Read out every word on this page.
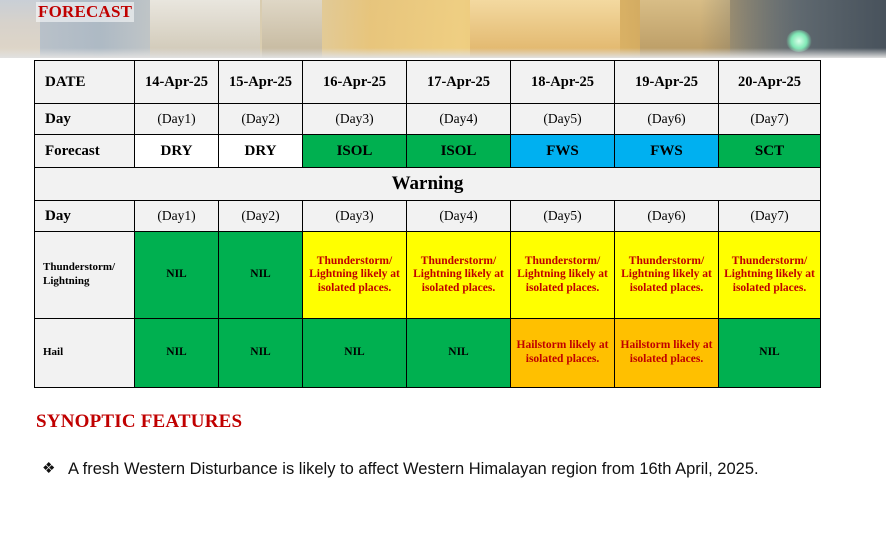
FORECAST
DATE	14-Apr-25	15-Apr-25	16-Apr-25	17-Apr-25	18-Apr-25	19-Apr-25	20-Apr-25
Day	(Day1)	(Day2)	(Day3)	(Day4)	(Day5)	(Day6)	(Day7)
Forecast	DRY	DRY	ISOL	ISOL	FWS	FWS	SCT
Warning							
Day	(Day1)	(Day2)	(Day3)	(Day4)	(Day5)	(Day6)	(Day7)
Thunderstorm/ Lightning	NIL	NIL	Thunderstorm/ Lightning likely at isolated places.	Thunderstorm/ Lightning likely at isolated places.	Thunderstorm/ Lightning likely at isolated places.	Thunderstorm/ Lightning likely at isolated places.	Thunderstorm/ Lightning likely at isolated places.
Hail	NIL	NIL	NIL	NIL	Hailstorm likely at isolated places.	Hailstorm likely at isolated places.	NIL
SYNOPTIC FEATURES
❖ A fresh Western Disturbance is likely to affect Western Himalayan region from 16th April, 2025.
